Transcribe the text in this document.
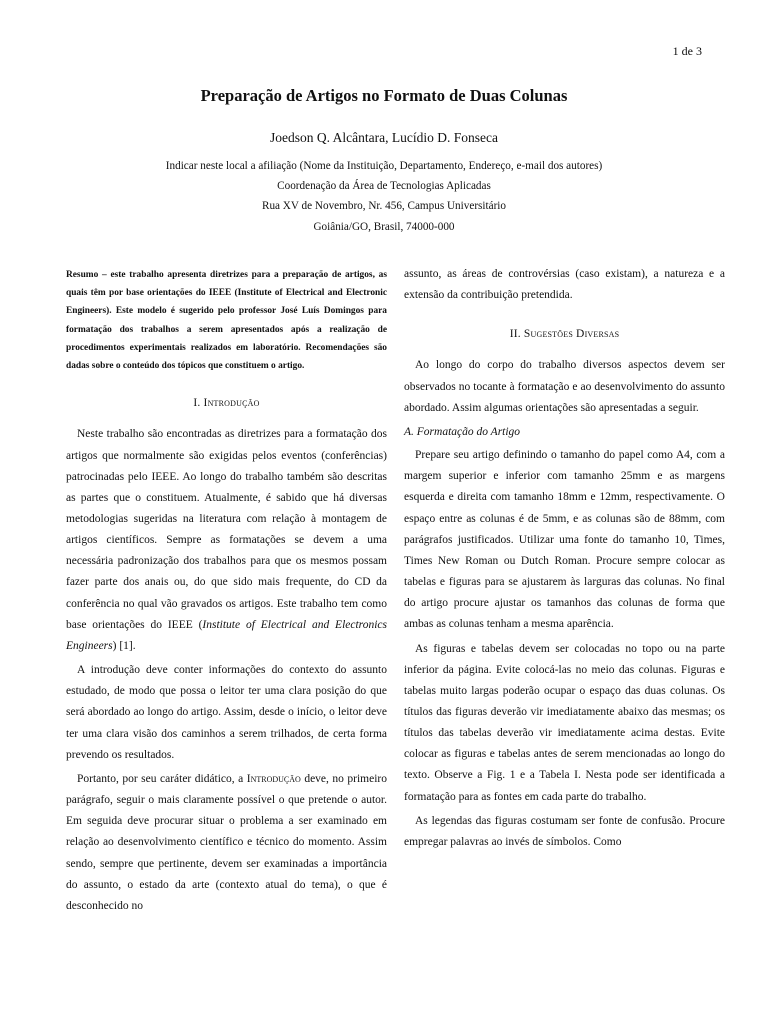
1 de 3
Preparação de Artigos no Formato de Duas Colunas
Joedson Q. Alcântara, Lucídio D. Fonseca
Indicar neste local a afiliação (Nome da Instituição, Departamento, Endereço, e-mail dos autores)
Coordenação da Área de Tecnologias Aplicadas
Rua XV de Novembro, Nr. 456, Campus Universitário
Goiânia/GO, Brasil, 74000-000

Resumo – este trabalho apresenta diretrizes para a preparação de artigos, as quais têm por base orientações do IEEE (Institute of Electrical and Electronic Engineers). Este modelo é sugerido pelo professor José Luís Domingos para formatação dos trabalhos a serem apresentados após a realização de procedimentos experimentais realizados em laboratório. Recomendações são dadas sobre o conteúdo dos tópicos que constituem o artigo.

I. Introdução

Neste trabalho são encontradas as diretrizes para a formatação dos artigos que normalmente são exigidas pelos eventos (conferências) patrocinadas pelo IEEE. Ao longo do trabalho também são descritas as partes que o constituem. Atualmente, é sabido que há diversas metodologias sugeridas na literatura com relação à montagem de artigos científicos. Sempre as formatações se devem a uma necessária padronização dos trabalhos para que os mesmos possam fazer parte dos anais ou, do que sido mais frequente, do CD da conferência no qual vão gravados os artigos. Este trabalho tem como base orientações do IEEE (Institute of Electrical and Electronics Engineers) [1].

A introdução deve conter informações do contexto do assunto estudado, de modo que possa o leitor ter uma clara posição do que será abordado ao longo do artigo. Assim, desde o início, o leitor deve ter uma clara visão dos caminhos a serem trilhados, de certa forma prevendo os resultados.

Portanto, por seu caráter didático, a Introdução deve, no primeiro parágrafo, seguir o mais claramente possível o que pretende o autor. Em seguida deve procurar situar o problema a ser examinado em relação ao desenvolvimento científico e técnico do momento. Assim sendo, sempre que pertinente, devem ser examinadas a importância do assunto, o estado da arte (contexto atual do tema), o que é desconhecido no

assunto, as áreas de controvérsias (caso existam), a natureza e a extensão da contribuição pretendida.

II. Sugestões Diversas

Ao longo do corpo do trabalho diversos aspectos devem ser observados no tocante à formatação e ao desenvolvimento do assunto abordado. Assim algumas orientações são apresentadas a seguir.

A. Formatação do Artigo

Prepare seu artigo definindo o tamanho do papel como A4, com a margem superior e inferior com tamanho 25mm e as margens esquerda e direita com tamanho 18mm e 12mm, respectivamente. O espaço entre as colunas é de 5mm, e as colunas são de 88mm, com parágrafos justificados. Utilizar uma fonte do tamanho 10, Times, Times New Roman ou Dutch Roman. Procure sempre colocar as tabelas e figuras para se ajustarem às larguras das colunas. No final do artigo procure ajustar os tamanhos das colunas de forma que ambas as colunas tenham a mesma aparência.

As figuras e tabelas devem ser colocadas no topo ou na parte inferior da página. Evite colocá-las no meio das colunas. Figuras e tabelas muito largas poderão ocupar o espaço das duas colunas. Os títulos das figuras deverão vir imediatamente abaixo das mesmas; os títulos das tabelas deverão vir imediatamente acima destas. Evite colocar as figuras e tabelas antes de serem mencionadas ao longo do texto. Observe a Fig. 1 e a Tabela I. Nesta pode ser identificada a formatação para as fontes em cada parte do trabalho.

As legendas das figuras costumam ser fonte de confusão. Procure empregar palavras ao invés de símbolos. Como
